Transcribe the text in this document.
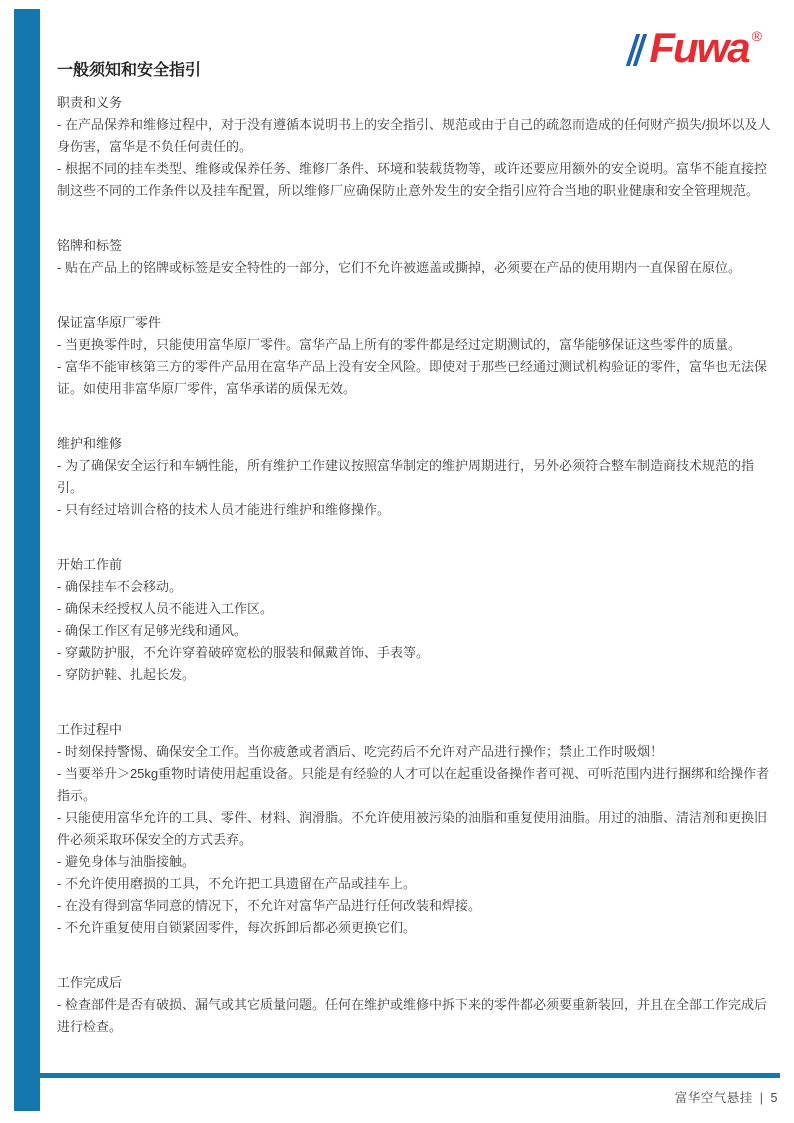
Fuwa ®
一般须知和安全指引
职责和义务

- 在产品保养和维修过程中，对于没有遵循本说明书上的安全指引、规范或由于自己的疏忽而造成的任何财产损失/损坏以及人身伤害，富华是不负任何责任的。

- 根据不同的挂车类型、维修或保养任务、维修厂条件、环境和装载货物等，或许还要应用额外的安全说明。富华不能直接控制这些不同的工作条件以及挂车配置，所以维修厂应确保防止意外发生的安全指引应符合当地的职业健康和安全管理规范。

铭牌和标签

- 贴在产品上的铭牌或标签是安全特性的一部分，它们不允许被遮盖或撕掉，必须要在产品的使用期内一直保留在原位。

保证富华原厂零件

- 当更换零件时，只能使用富华原厂零件。富华产品上所有的零件都是经过定期测试的，富华能够保证这些零件的质量。

- 富华不能审核第三方的零件产品用在富华产品上没有安全风险。即使对于那些已经通过测试机构验证的零件，富华也无法保证。如使用非富华原厂零件，富华承诺的质保无效。

维护和维修

- 为了确保安全运行和车辆性能，所有维护工作建议按照富华制定的维护周期进行，另外必须符合整车制造商技术规范的指引。

- 只有经过培训合格的技术人员才能进行维护和维修操作。

开始工作前

- 确保挂车不会移动。

- 确保未经授权人员不能进入工作区。

- 确保工作区有足够光线和通风。

- 穿戴防护服，不允许穿着破碎宽松的服装和佩戴首饰、手表等。

- 穿防护鞋、扎起长发。

工作过程中

- 时刻保持警惕、确保安全工作。当你疲惫或者酒后、吃完药后不允许对产品进行操作；禁止工作时吸烟！

- 当要举升＞25kg重物时请使用起重设备。只能是有经验的人才可以在起重设备操作者可视、可听范围内进行捆绑和给操作者指示。

- 只能使用富华允许的工具、零件、材料、润滑脂。不允许使用被污染的油脂和重复使用油脂。用过的油脂、清洁剂和更换旧件必须采取环保安全的方式丢弃。

- 避免身体与油脂接触。

- 不允许使用磨损的工具，不允许把工具遗留在产品或挂车上。

- 在没有得到富华同意的情况下，不允许对富华产品进行任何改装和焊接。

- 不允许重复使用自锁紧固零件，每次拆卸后都必须更换它们。

工作完成后

- 检查部件是否有破损、漏气或其它质量问题。任何在维护或维修中拆下来的零件都必须要重新装回，并且在全部工作完成后进行检查。

富华空气悬挂 | 5
